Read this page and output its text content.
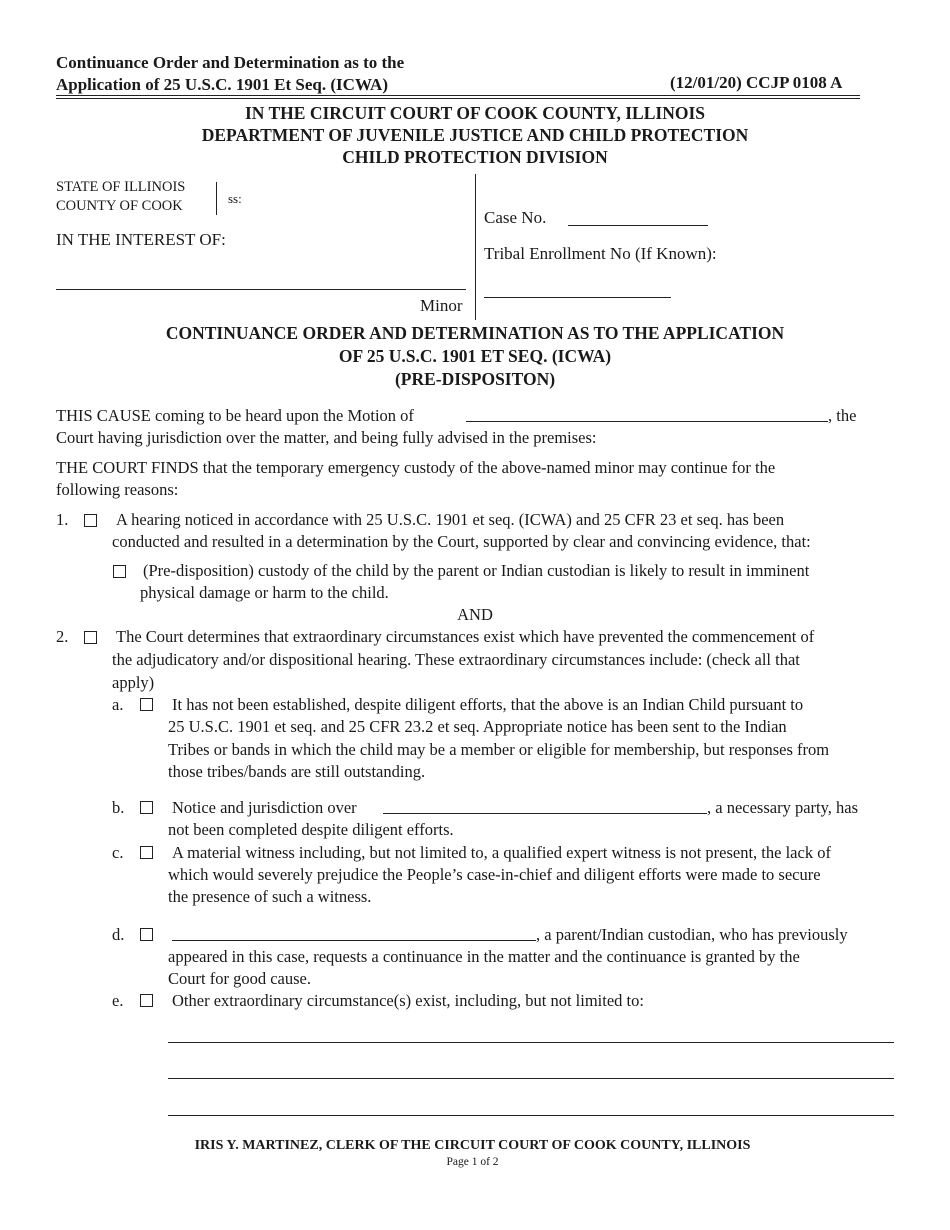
Continuance Order and Determination as to the
Application of 25 U.S.C. 1901 Et Seq. (ICWA)	(12/01/20) CCJP 0108 A
IN THE CIRCUIT COURT OF COOK COUNTY, ILLINOIS
DEPARTMENT OF JUVENILE JUSTICE AND CHILD PROTECTION
CHILD PROTECTION DIVISION
STATE OF ILLINOIS
COUNTY OF COOK	ss:
IN THE INTEREST OF:
Minor
Case No.
Tribal Enrollment No (If Known):
CONTINUANCE ORDER AND DETERMINATION AS TO THE APPLICATION
OF 25 U.S.C. 1901 ET SEQ. (ICWA)
(PRE-DISPOSITON)
THIS CAUSE coming to be heard upon the Motion of	, the
Court having jurisdiction over the matter, and being fully advised in the premises:
THE COURT FINDS that the temporary emergency custody of the above-named minor may continue for the
following reasons:
1.	A hearing noticed in accordance with 25 U.S.C. 1901 et seq. (ICWA) and 25 CFR 23 et seq. has been
conducted and resulted in a determination by the Court, supported by clear and convincing evidence, that:
(Pre-disposition) custody of the child by the parent or Indian custodian is likely to result in imminent
physical damage or harm to the child.
AND
2.	The Court determines that extraordinary circumstances exist which have prevented the commencement of
the adjudicatory and/or dispositional hearing. These extraordinary circumstances include: (check all that
apply)
a.	It has not been established, despite diligent efforts, that the above is an Indian Child pursuant to
25 U.S.C. 1901 et seq. and 25 CFR 23.2 et seq. Appropriate notice has been sent to the Indian
Tribes or bands in which the child may be a member or eligible for membership, but responses from
those tribes/bands are still outstanding.
b.	Notice and jurisdiction over	, a necessary party, has
not been completed despite diligent efforts.
c.	A material witness including, but not limited to, a qualified expert witness is not present, the lack of
which would severely prejudice the People’s case-in-chief and diligent efforts were made to secure
the presence of such a witness.
d.	, a parent/Indian custodian, who has previously
appeared in this case, requests a continuance in the matter and the continuance is granted by the
Court for good cause.
e.	Other extraordinary circumstance(s) exist, including, but not limited to:
IRIS Y. MARTINEZ, CLERK OF THE CIRCUIT COURT OF COOK COUNTY, ILLINOIS
Page 1 of 2
